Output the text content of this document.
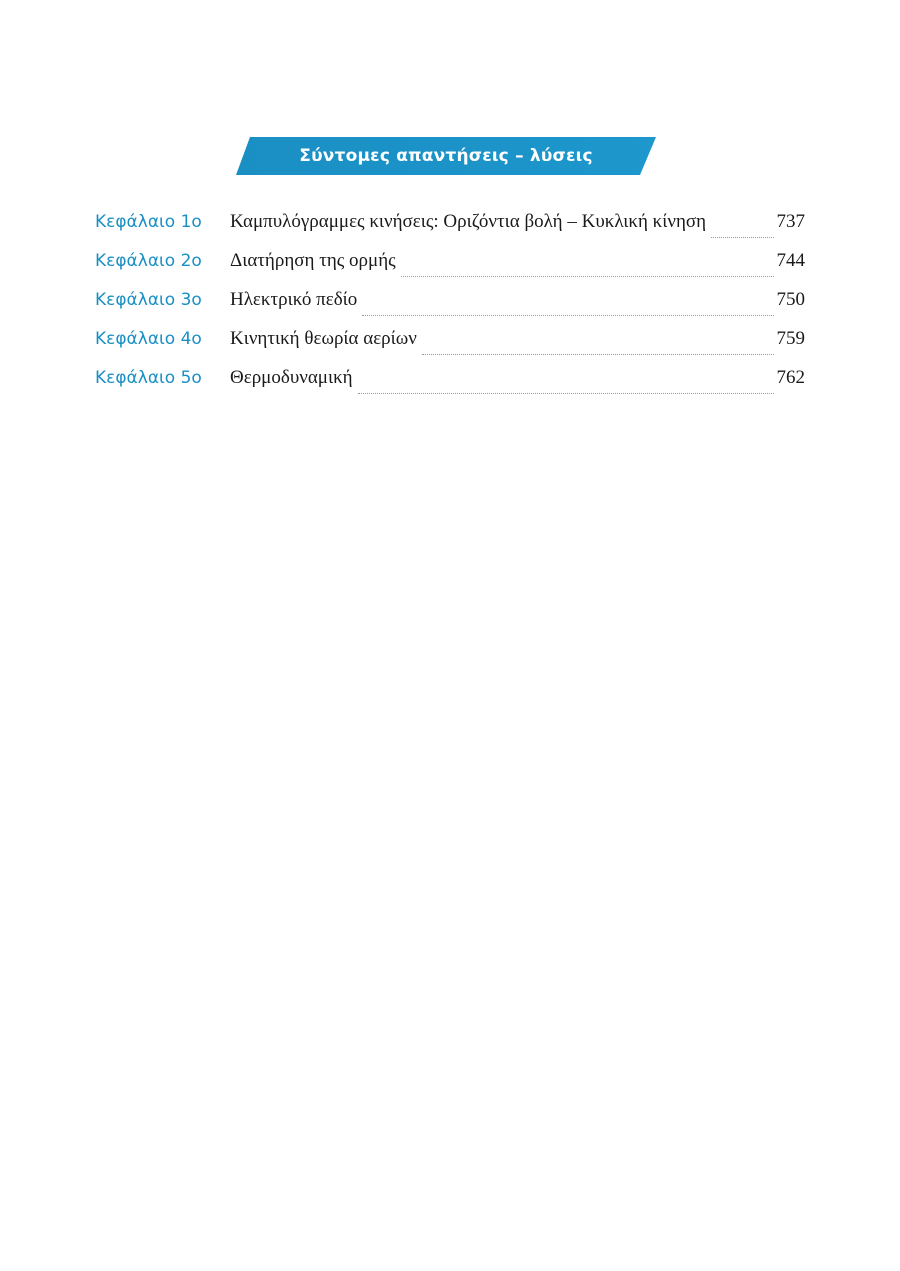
Σύντομες απαντήσεις – λύσεις
Κεφάλαιο 1ο	Καμπυλόγραμμες κινήσεις: Οριζόντια βολή – Κυκλική κίνηση	737
Κεφάλαιο 2ο	Διατήρηση της ορμής	744
Κεφάλαιο 3ο	Ηλεκτρικό πεδίο	750
Κεφάλαιο 4ο	Κινητική θεωρία αερίων	759
Κεφάλαιο 5ο	Θερμοδυναμική	762
